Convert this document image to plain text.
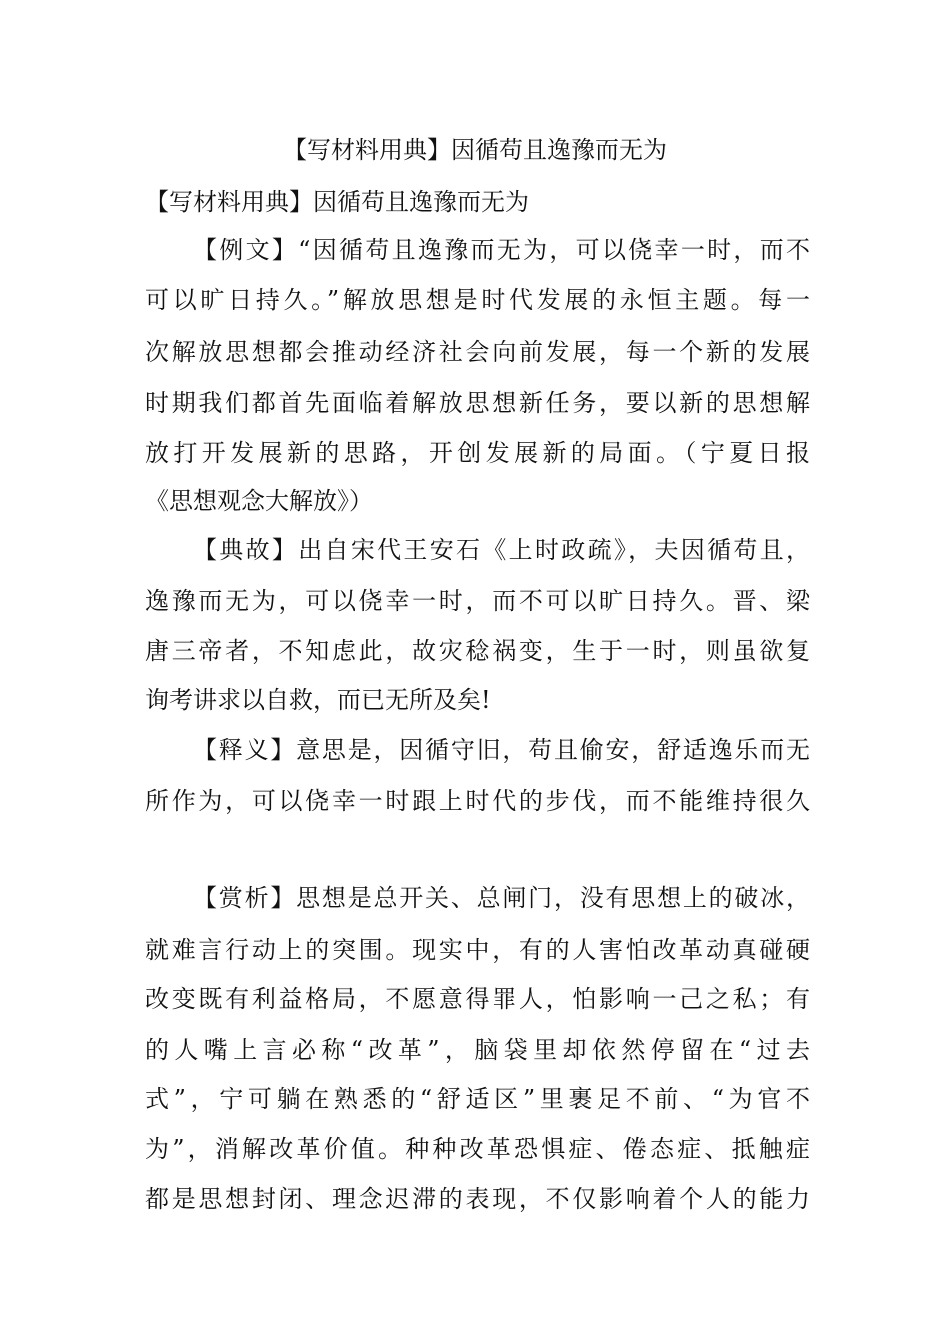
【写材料用典】因循苟且逸豫而无为
【写材料用典】因循苟且逸豫而无为
【例文】“因循苟且逸豫而无为，可以侥幸一时，而不
可以旷日持久。”解放思想是时代发展的永恒主题。每一
次解放思想都会推动经济社会向前发展，每一个新的发展
时期我们都首先面临着解放思想新任务，要以新的思想解
放打开发展新的思路，开创发展新的局面。（宁夏日报
《思想观念大解放》）
【典故】出自宋代王安石《上时政疏》，夫因循苟且，
逸豫而无为，可以侥幸一时，而不可以旷日持久。晋、梁
唐三帝者，不知虑此，故灾稔祸变，生于一时，则虽欲复
询考讲求以自救，而已无所及矣!
【释义】意思是，因循守旧，苟且偷安，舒适逸乐而无
所作为，可以侥幸一时跟上时代的步伐，而不能维持很久
【赏析】思想是总开关、总闸门，没有思想上的破冰，
就难言行动上的突围。现实中，有的人害怕改革动真碰硬
改变既有利益格局，不愿意得罪人，怕影响一己之私；有
的人嘴上言必称“改革”，脑袋里却依然停留在“过去
式”，宁可躺在熟悉的“舒适区”里裹足不前、“为官不
为”，消解改革价值。种种改革恐惧症、倦态症、抵触症
都是思想封闭、理念迟滞的表现，不仅影响着个人的能力
